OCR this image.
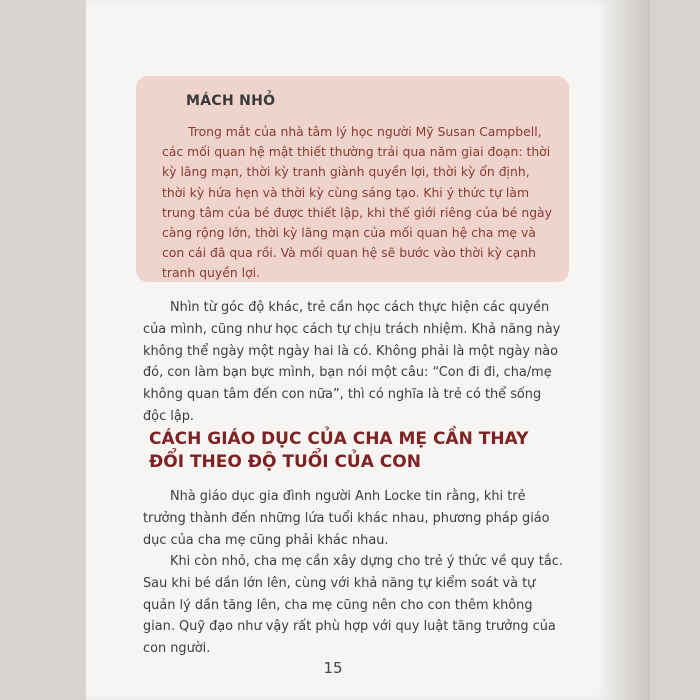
MÁCH NHỎ

Trong mắt của nhà tâm lý học người Mỹ Susan Campbell, các mối quan hệ mật thiết thường trải qua năm giai đoạn: thời kỳ lãng mạn, thời kỳ tranh giành quyền lợi, thời kỳ ổn định, thời kỳ hứa hẹn và thời kỳ cùng sáng tạo. Khi ý thức tự làm trung tâm của bé được thiết lập, khi thế giới riêng của bé ngày càng rộng lớn, thời kỳ lãng mạn của mối quan hệ cha mẹ và con cái đã qua rồi. Và mối quan hệ sẽ bước vào thời kỳ cạnh tranh quyền lợi.

Nhìn từ góc độ khác, trẻ cần học cách thực hiện các quyền của mình, cũng như học cách tự chịu trách nhiệm. Khả năng này không thể ngày một ngày hai là có. Không phải là một ngày nào đó, con làm bạn bực mình, bạn nói một câu: “Con đi đi, cha/mẹ không quan tâm đến con nữa”, thì có nghĩa là trẻ có thể sống độc lập.

CÁCH GIÁO DỤC CỦA CHA MẸ CẦN THAY ĐỔI THEO ĐỘ TUỔI CỦA CON

Nhà giáo dục gia đình người Anh Locke tin rằng, khi trẻ trưởng thành đến những lứa tuổi khác nhau, phương pháp giáo dục của cha mẹ cũng phải khác nhau.

Khi còn nhỏ, cha mẹ cần xây dựng cho trẻ ý thức về quy tắc. Sau khi bé dần lớn lên, cùng với khả năng tự kiểm soát và tự quản lý dần tăng lên, cha mẹ cũng nên cho con thêm không gian. Quỹ đạo như vậy rất phù hợp với quy luật tăng trưởng của con người.

15
